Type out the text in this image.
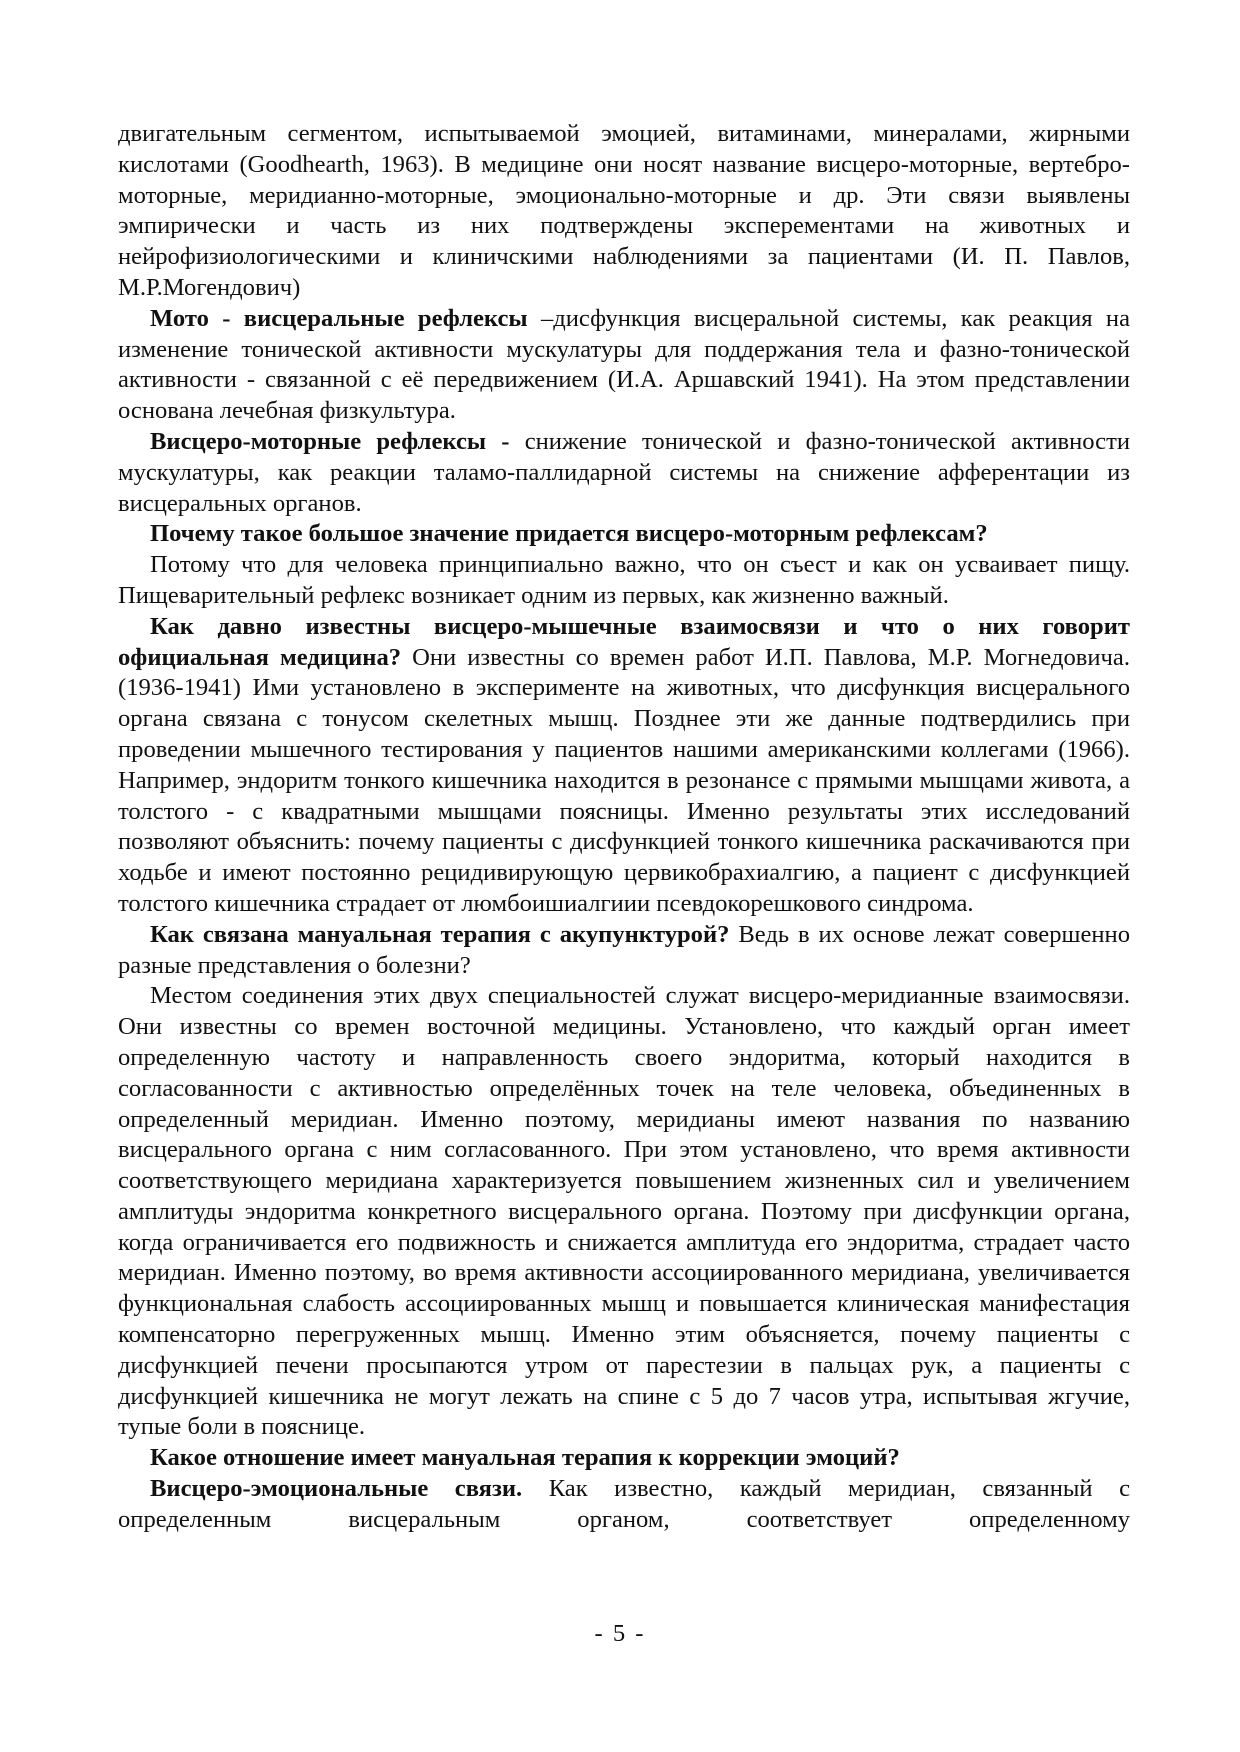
двигательным сегментом, испытываемой эмоцией, витаминами, минералами, жирными кислотами (Goodhearth, 1963). В медицине они носят название висцеро-моторные, вертебро-моторные, меридианно-моторные, эмоционально-моторные и др. Эти связи выявлены эмпирически и часть из них подтверждены эксперементами на животных и нейрофизиологическими и клиничскими наблюдениями за пациентами (И. П. Павлов, М.Р.Могендович)

Мото - висцеральные рефлексы –дисфункция висцеральной системы, как реакция на изменение тонической активности мускулатуры для поддержания тела и фазно-тонической активности - связанной с её передвижением (И.А. Аршавский 1941). На этом представлении основана лечебная физкультура.

Висцеро-моторные рефлексы - снижение тонической и фазно-тонической активности мускулатуры, как реакции таламо-паллидарной системы на снижение афферентации из висцеральных органов.

Почему такое большое значение придается висцеро-моторным рефлексам?

Потому что для человека принципиально важно, что он съест и как он усваивает пищу. Пищеварительный рефлекс возникает одним из первых, как жизненно важный.

Как давно известны висцеро-мышечные взаимосвязи и что о них говорит официальная медицина? Они известны со времен работ И.П. Павлова, М.Р. Могнедовича.(1936-1941) Ими установлено в эксперименте на животных, что дисфункция висцерального органа связана с тонусом скелетных мышц. Позднее эти же данные подтвердились при проведении мышечного тестирования у пациентов нашими американскими коллегами (1966). Например, эндоритм тонкого кишечника находится в резонансе с прямыми мышцами живота, а толстого - с квадратными мышцами поясницы. Именно результаты этих исследований позволяют объяснить: почему пациенты с дисфункцией тонкого кишечника раскачиваются при ходьбе и имеют постоянно рецидивирующую цервикобрахиалгию, а пациент с дисфункцией толстого кишечника страдает от люмбоишиалгиии псевдокорешкового синдрома.

Как связана мануальная терапия с акупунктурой? Ведь в их основе лежат совершенно разные представления о болезни?

Местом соединения этих двух специальностей служат висцеро-меридианные взаимосвязи. Они известны со времен восточной медицины. Установлено, что каждый орган имеет определенную частоту и направленность своего эндоритма, который находится в согласованности с активностью определённых точек на теле человека, объединенных в определенный меридиан. Именно поэтому, меридианы имеют названия по названию висцерального органа с ним согласованного. При этом установлено, что время активности соответствующего меридиана характеризуется повышением жизненных сил и увеличением амплитуды эндоритма конкретного висцерального органа. Поэтому при дисфункции органа, когда ограничивается его подвижность и снижается амплитуда его эндоритма, страдает часто меридиан. Именно поэтому, во время активности ассоциированного меридиана, увеличивается функциональная слабость ассоциированных мышц и повышается клиническая манифестация компенсаторно перегруженных мышц. Именно этим объясняется, почему пациенты с дисфункцией печени просыпаются утром от парестезии в пальцах рук, а пациенты с дисфункцией кишечника не могут лежать на спине с 5 до 7 часов утра, испытывая жгучие, тупые боли в пояснице.

Какое отношение имеет мануальная терапия к коррекции эмоций?

Висцеро-эмоциональные связи. Как известно, каждый меридиан, связанный с определенным висцеральным органом, соответствует определенному

- 5 -
